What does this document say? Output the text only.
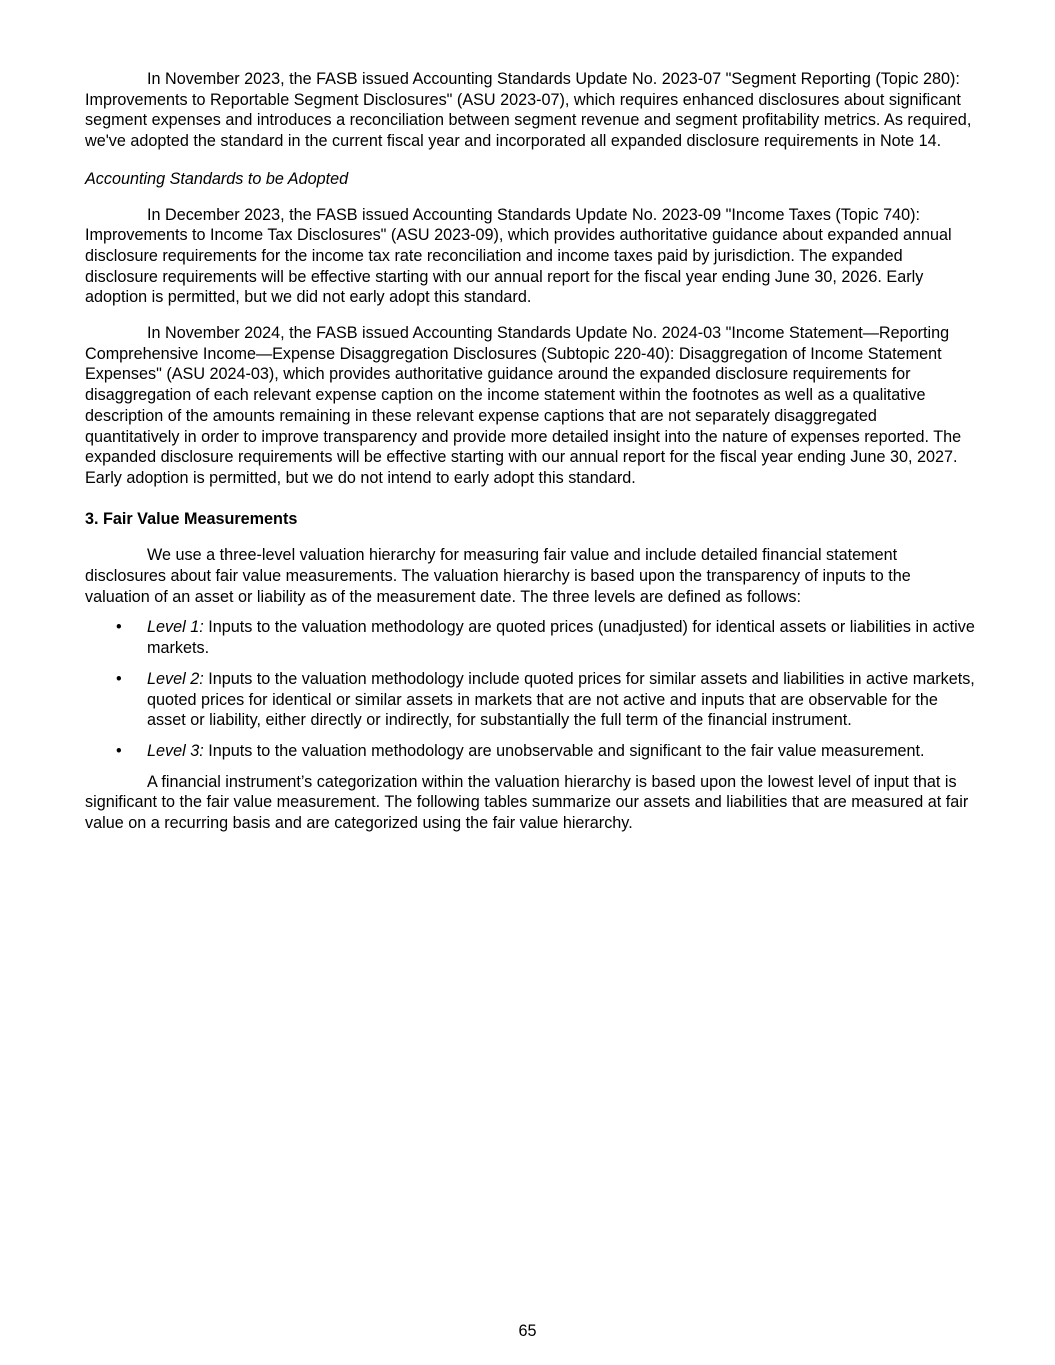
In November 2023, the FASB issued Accounting Standards Update No. 2023-07 "Segment Reporting (Topic 280): Improvements to Reportable Segment Disclosures" (ASU 2023-07), which requires enhanced disclosures about significant segment expenses and introduces a reconciliation between segment revenue and segment profitability metrics. As required, we've adopted the standard in the current fiscal year and incorporated all expanded disclosure requirements in Note 14.

Accounting Standards to be Adopted

In December 2023, the FASB issued Accounting Standards Update No. 2023-09 "Income Taxes (Topic 740): Improvements to Income Tax Disclosures" (ASU 2023-09), which provides authoritative guidance about expanded annual disclosure requirements for the income tax rate reconciliation and income taxes paid by jurisdiction. The expanded disclosure requirements will be effective starting with our annual report for the fiscal year ending June 30, 2026. Early adoption is permitted, but we did not early adopt this standard.

In November 2024, the FASB issued Accounting Standards Update No. 2024-03 "Income Statement—Reporting Comprehensive Income—Expense Disaggregation Disclosures (Subtopic 220-40): Disaggregation of Income Statement Expenses" (ASU 2024-03), which provides authoritative guidance around the expanded disclosure requirements for disaggregation of each relevant expense caption on the income statement within the footnotes as well as a qualitative description of the amounts remaining in these relevant expense captions that are not separately disaggregated quantitatively in order to improve transparency and provide more detailed insight into the nature of expenses reported. The expanded disclosure requirements will be effective starting with our annual report for the fiscal year ending June 30, 2027. Early adoption is permitted, but we do not intend to early adopt this standard.

3. Fair Value Measurements

We use a three-level valuation hierarchy for measuring fair value and include detailed financial statement disclosures about fair value measurements. The valuation hierarchy is based upon the transparency of inputs to the valuation of an asset or liability as of the measurement date. The three levels are defined as follows:

• Level 1: Inputs to the valuation methodology are quoted prices (unadjusted) for identical assets or liabilities in active markets.
• Level 2: Inputs to the valuation methodology include quoted prices for similar assets and liabilities in active markets, quoted prices for identical or similar assets in markets that are not active and inputs that are observable for the asset or liability, either directly or indirectly, for substantially the full term of the financial instrument.
• Level 3: Inputs to the valuation methodology are unobservable and significant to the fair value measurement.

A financial instrument’s categorization within the valuation hierarchy is based upon the lowest level of input that is significant to the fair value measurement. The following tables summarize our assets and liabilities that are measured at fair value on a recurring basis and are categorized using the fair value hierarchy.

65
